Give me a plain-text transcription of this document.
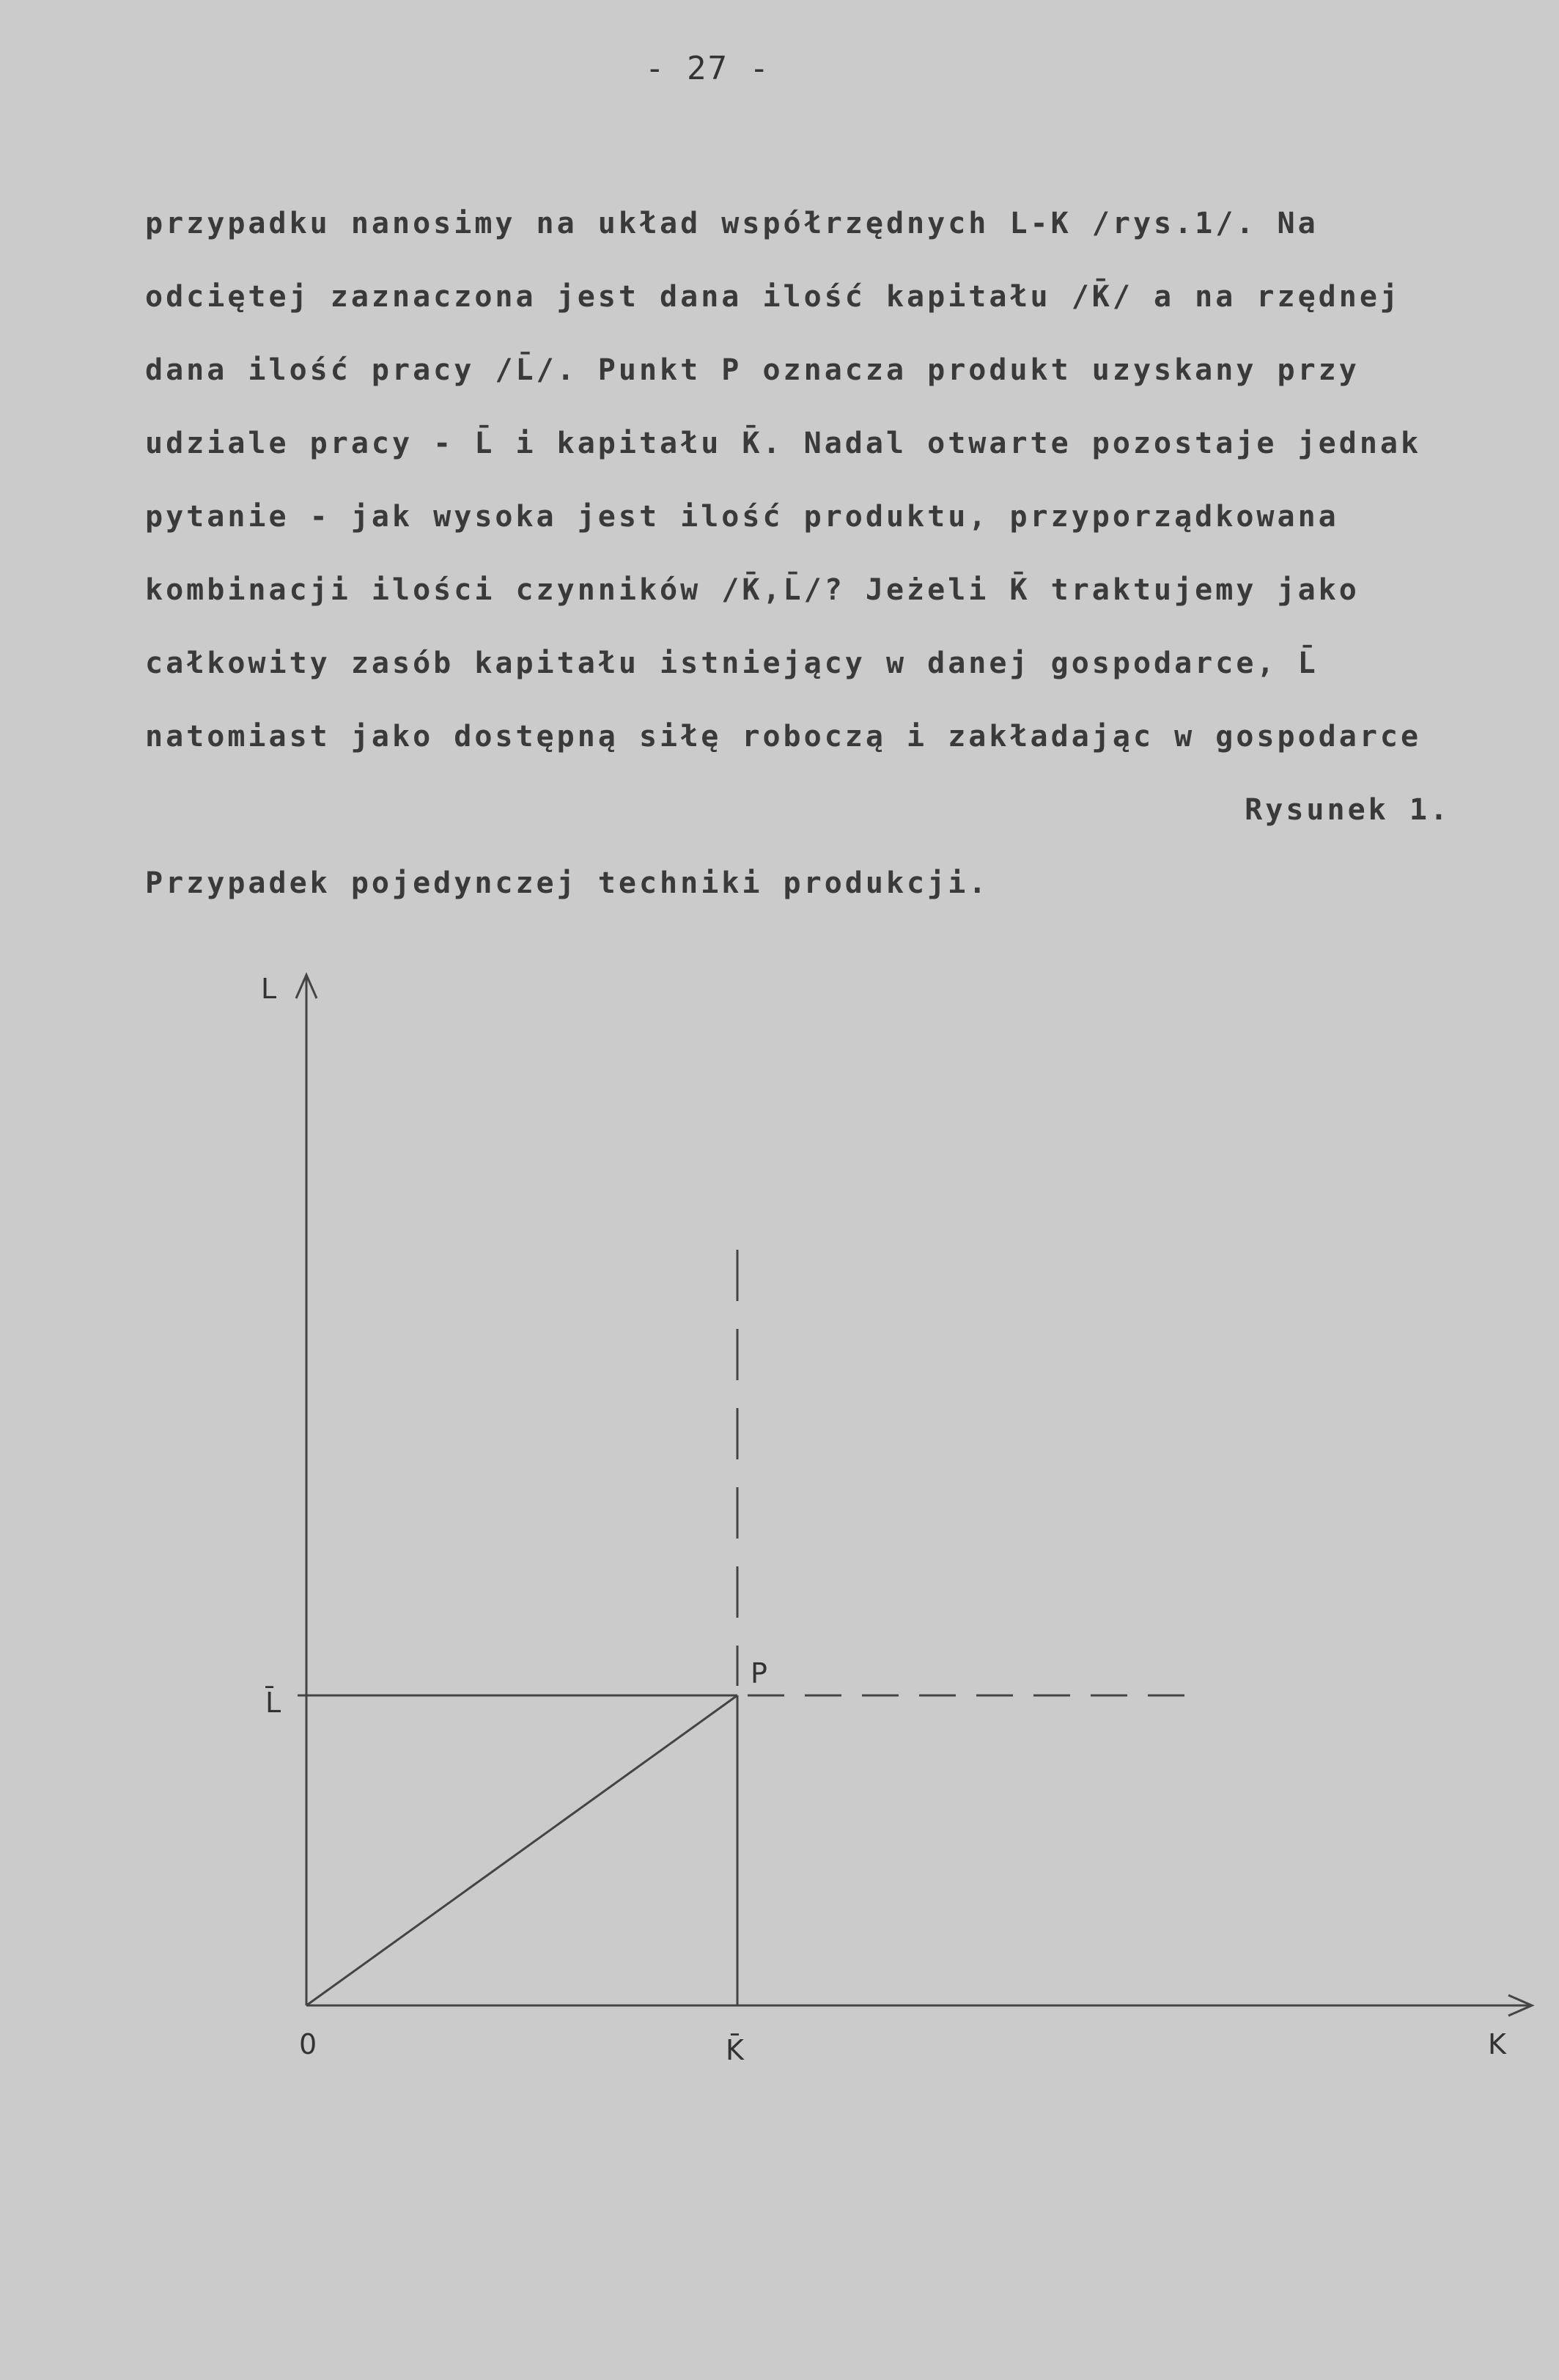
- 27 -
przypadku nanosimy na układ współrzędnych L-K /rys.1/. Na
odciętej zaznaczona jest dana ilość kapitału /K̄/ a na rzędnej
dana ilość pracy /L̄/. Punkt P oznacza produkt uzyskany przy
udziale pracy - L̄ i kapitału K̄. Nadal otwarte pozostaje jednak
pytanie - jak wysoka jest ilość produktu, przyporządkowana
kombinacji ilości czynników /K̄,L̄/? Jeżeli K̄ traktujemy jako
całkowity zasób kapitału istniejący w danej gospodarce, L̄
natomiast jako dostępną siłę roboczą i zakładając w gospodarce
Rysunek 1.
Przypadek pojedynczej techniki produkcji.
L
K
0
L̄
K̄
P
